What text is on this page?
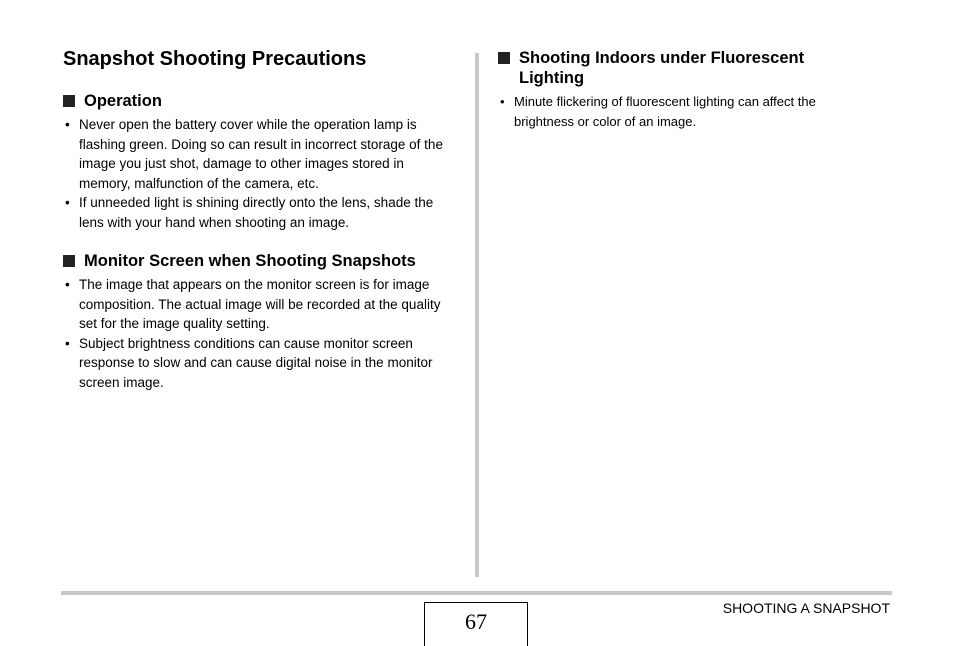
Snapshot Shooting Precautions
Operation
• Never open the battery cover while the operation lamp is flashing green. Doing so can result in incorrect storage of the image you just shot, damage to other images stored in memory, malfunction of the camera, etc.
• If unneeded light is shining directly onto the lens, shade the lens with your hand when shooting an image.
Monitor Screen when Shooting Snapshots
• The image that appears on the monitor screen is for image composition. The actual image will be recorded at the quality set for the image quality setting.
• Subject brightness conditions can cause monitor screen response to slow and can cause digital noise in the monitor screen image.
Shooting Indoors under Fluorescent Lighting
• Minute flickering of fluorescent lighting can affect the brightness or color of an image.
67
SHOOTING A SNAPSHOT
